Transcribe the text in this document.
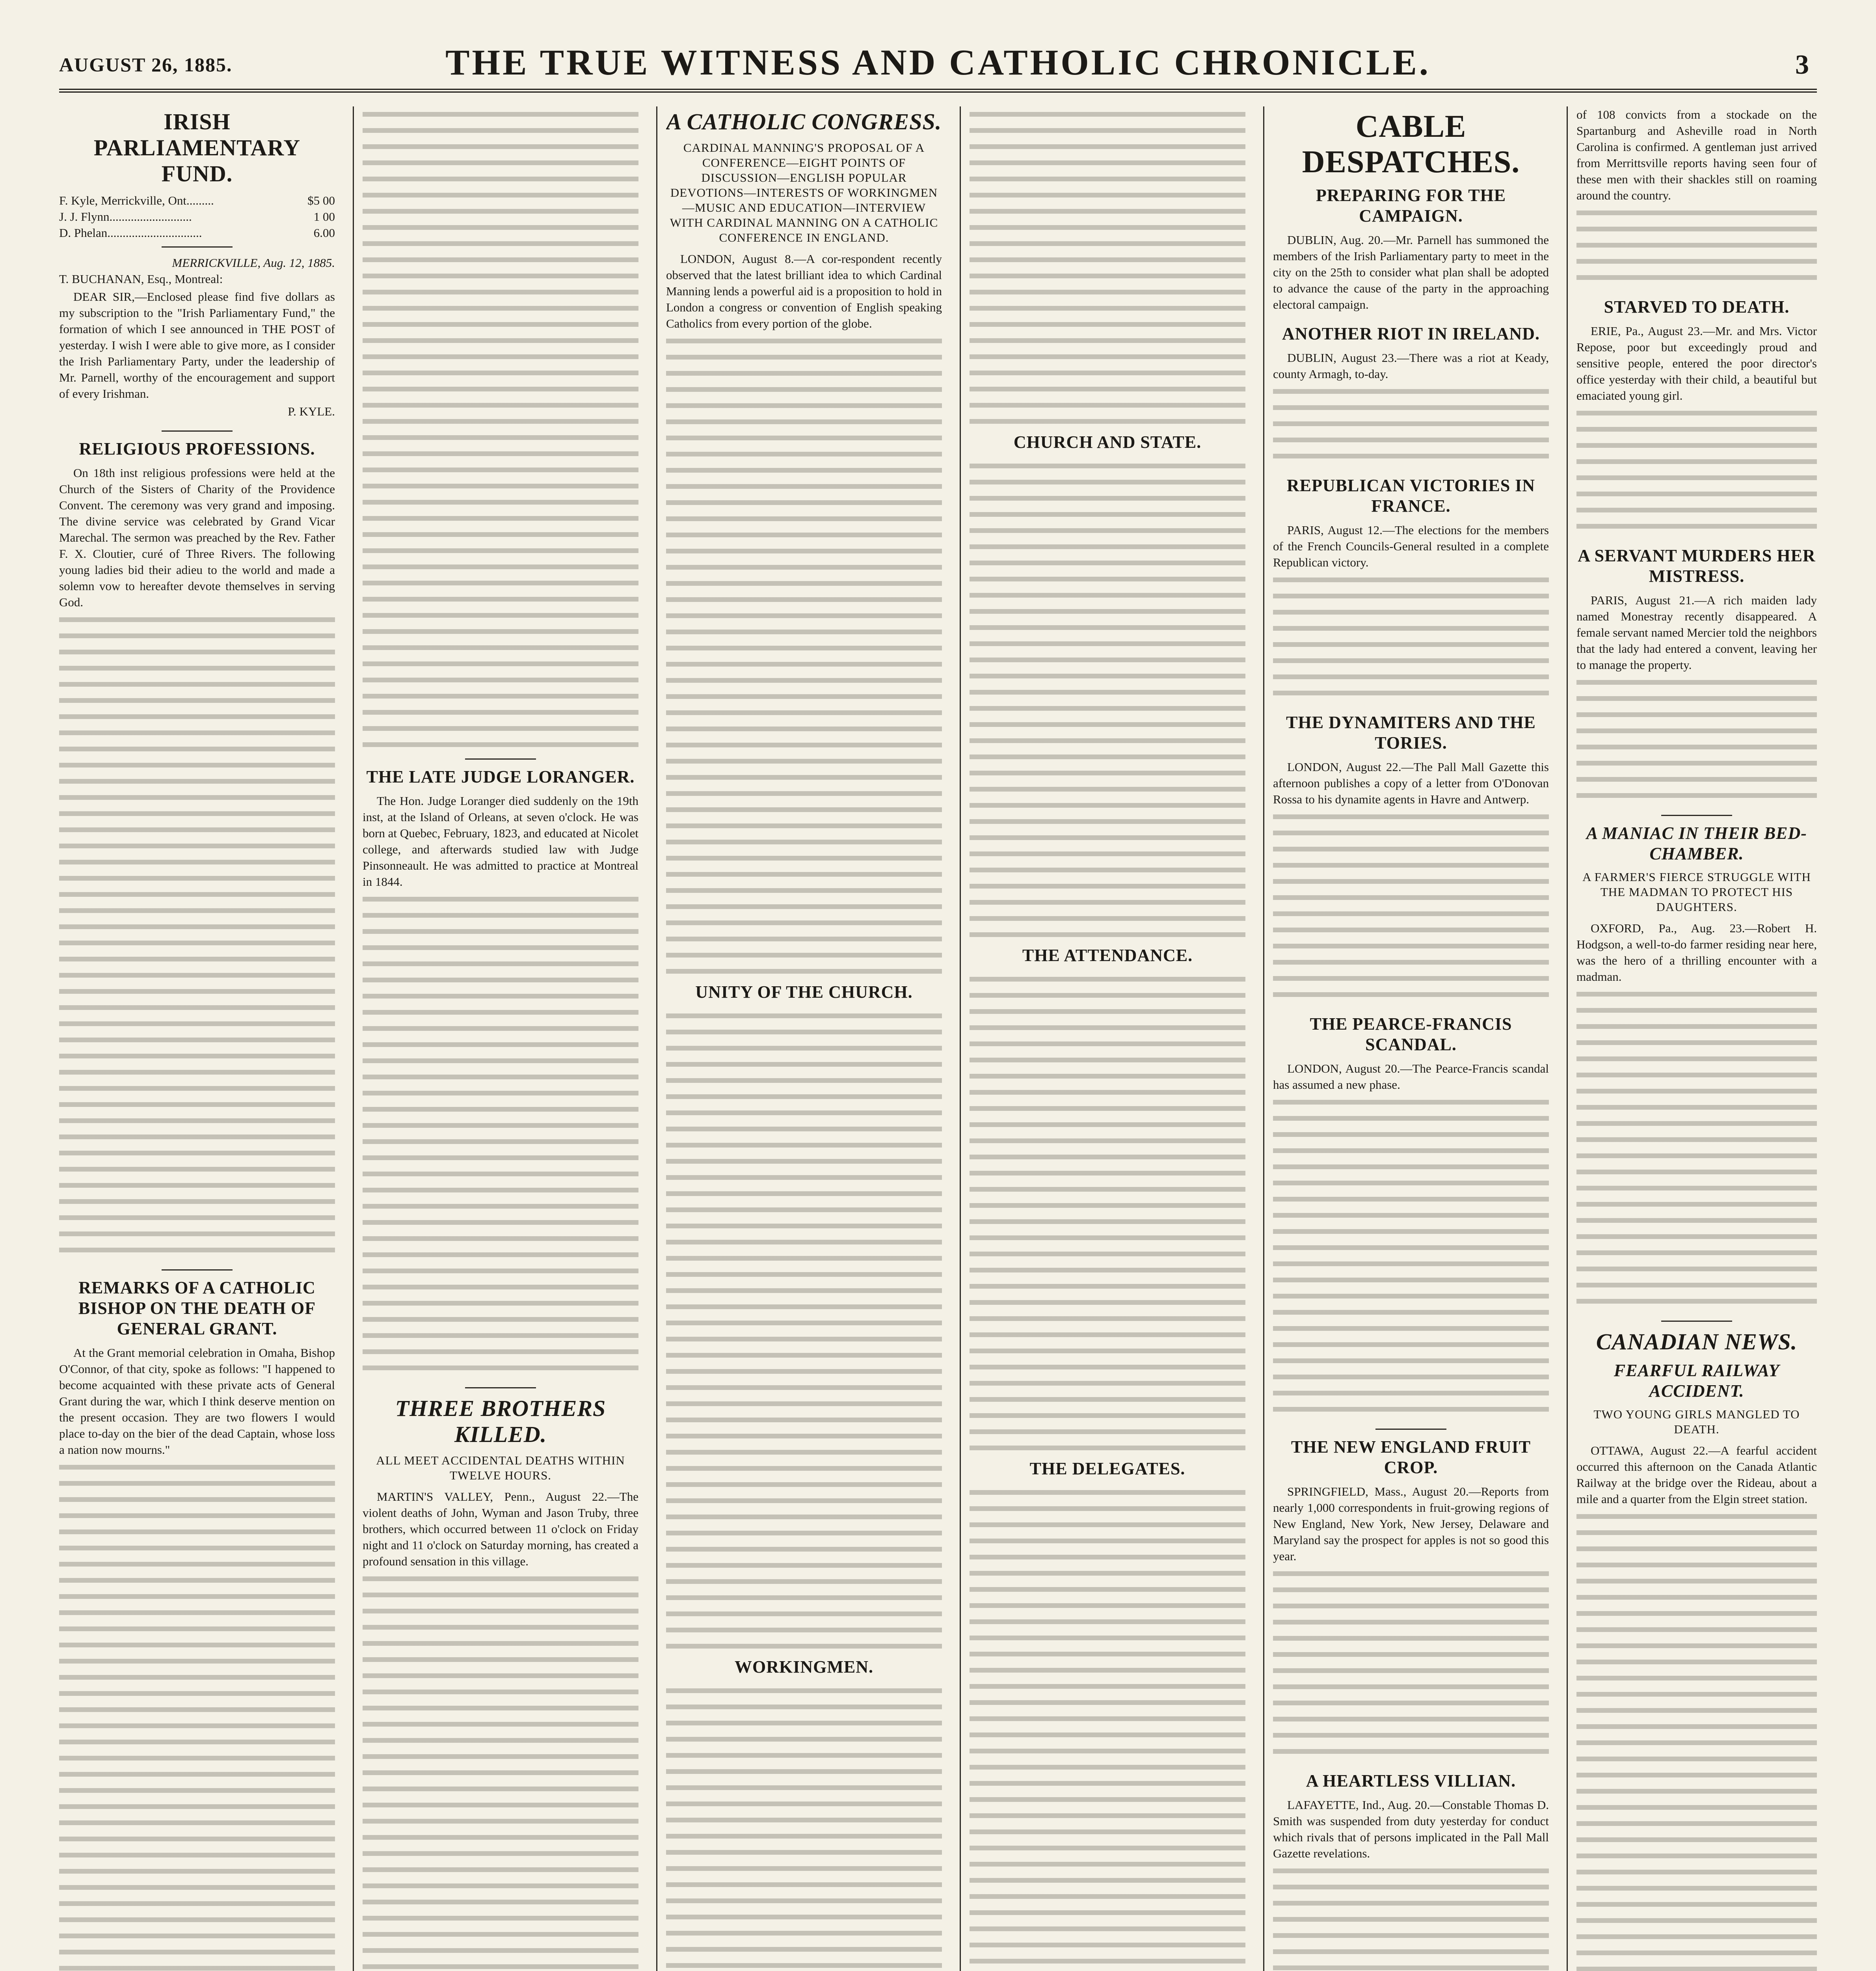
AUGUST 26, 1885.	THE TRUE WITNESS AND CATHOLIC CHRONICLE.	3
IRISH PARLIAMENTARY FUND.
F. Kyle, Merrickville, Ont.........	$5 00
J. J. Flynn...........................	1 00
D. Phelan...............................	6.00
MERRICKVILLE, Aug. 12, 1885.

T. BUCHANAN, Esq., Montreal:

DEAR SIR,—Enclosed please find five dollars as my subscription to the "Irish Parliamentary Fund," the formation of which I see announced in THE POST of yesterday. I wish I were able to give more, as I consider the Irish Parliamentary Party, under the leadership of Mr. Parnell, worthy of the encouragement and support of every Irishman.

P. KYLE.
RELIGIOUS PROFESSIONS.

On 18th inst religious professions were held at the Church of the Sisters of Charity of the Providence Convent. The ceremony was very grand and imposing. The divine service was celebrated by Grand Vicar Marechal. The sermon was preached by the Rev. Father F. X. Cloutier, curé of Three Rivers. The following young ladies bid their adieu to the world and made a solemn vow to hereafter devote themselves in serving God.

REMARKS OF A CATHOLIC BISHOP ON THE DEATH OF GENERAL GRANT.

At the Grant memorial celebration in Omaha, Bishop O'Connor, of that city, spoke as follows: "I happened to become acquainted with these private acts of General Grant during the war, which I think deserve mention on the present occasion. They are two flowers I would place to-day on the bier of the dead Captain, whose loss a nation now mourns."

THE LATE JUDGE LORANGER.

The Hon. Judge Loranger died suddenly on the 19th inst, at the Island of Orleans, at seven o'clock. He was born at Quebec, February, 1823, and educated at Nicolet college, and afterwards studied law with Judge Pinsonneault. He was admitted to practice at Montreal in 1844.

THREE BROTHERS KILLED.
ALL MEET ACCIDENTAL DEATHS WITHIN TWELVE HOURS.

MARTIN'S VALLEY, Penn., August 22.—The violent deaths of John, Wyman and Jason Truby, three brothers, which occurred between 11 o'clock on Friday night and 11 o'clock on Saturday morning, has created a profound sensation in this village.

A CATHOLIC CONGRESS.
CARDINAL MANNING'S PROPOSAL OF A CONFERENCE—EIGHT POINTS OF DISCUSSION—ENGLISH POPULAR DEVOTIONS—INTERESTS OF WORKINGMEN—MUSIC AND EDUCATION—INTERVIEW WITH CARDINAL MANNING ON A CATHOLIC CONFERENCE IN ENGLAND.

LONDON, August 8.—A cor-respondent recently observed that the latest brilliant idea to which Cardinal Manning lends a powerful aid is a proposition to hold in London a congress or convention of English speaking Catholics from every portion of the globe.

UNITY OF THE CHURCH.
WORKINGMEN.
CHURCH AND STATE.
THE ATTENDANCE.
THE DELEGATES.

CABLE DESPATCHES.
PREPARING FOR THE CAMPAIGN.

DUBLIN, Aug. 20.—Mr. Parnell has summoned the members of the Irish Parliamentary party to meet in the city on the 25th to consider what plan shall be adopted to advance the cause of the party in the approaching electoral campaign.

ANOTHER RIOT IN IRELAND.

DUBLIN, August 23.—There was a riot at Keady, county Armagh, to-day.

REPUBLICAN VICTORIES IN FRANCE.

PARIS, August 12.—The elections for the members of the French Councils-General resulted in a complete Republican victory.

THE DYNAMITERS AND THE TORIES.

LONDON, August 22.—The Pall Mall Gazette this afternoon publishes a copy of a letter from O'Donovan Rossa to his dynamite agents in Havre and Antwerp.

THE PEARCE-FRANCIS SCANDAL.

LONDON, August 20.—The Pearce-Francis scandal has assumed a new phase.

THE NEW ENGLAND FRUIT CROP.

SPRINGFIELD, Mass., August 20.—Reports from nearly 1,000 correspondents in fruit-growing regions of New England, New York, New Jersey, Delaware and Maryland say the prospect for apples is not so good this year.

A HEARTLESS VILLIAN.

LAFAYETTE, Ind., Aug. 20.—Constable Thomas D. Smith was suspended from duty yesterday for conduct which rivals that of persons implicated in the Pall Mall Gazette revelations.

of 108 convicts from a stockade on the Spartanburg and Asheville road in North Carolina is confirmed. A gentleman just arrived from Merrittsville reports having seen four of these men with their shackles still on roaming around the country.

STARVED TO DEATH.

ERIE, Pa., August 23.—Mr. and Mrs. Victor Repose, poor but exceedingly proud and sensitive people, entered the poor director's office yesterday with their child, a beautiful but emaciated young girl.

A SERVANT MURDERS HER MISTRESS.

PARIS, August 21.—A rich maiden lady named Monestray recently disappeared. A female servant named Mercier told the neighbors that the lady had entered a convent, leaving her to manage the property.

A MANIAC IN THEIR BED-CHAMBER.
A FARMER'S FIERCE STRUGGLE WITH THE MADMAN TO PROTECT HIS DAUGHTERS.

OXFORD, Pa., Aug. 23.—Robert H. Hodgson, a well-to-do farmer residing near here, was the hero of a thrilling encounter with a madman.

CANADIAN NEWS.
FEARFUL RAILWAY ACCIDENT.
TWO YOUNG GIRLS MANGLED TO DEATH.

OTTAWA, August 22.—A fearful accident occurred this afternoon on the Canada Atlantic Railway at the bridge over the Rideau, about a mile and a quarter from the Elgin street station.
